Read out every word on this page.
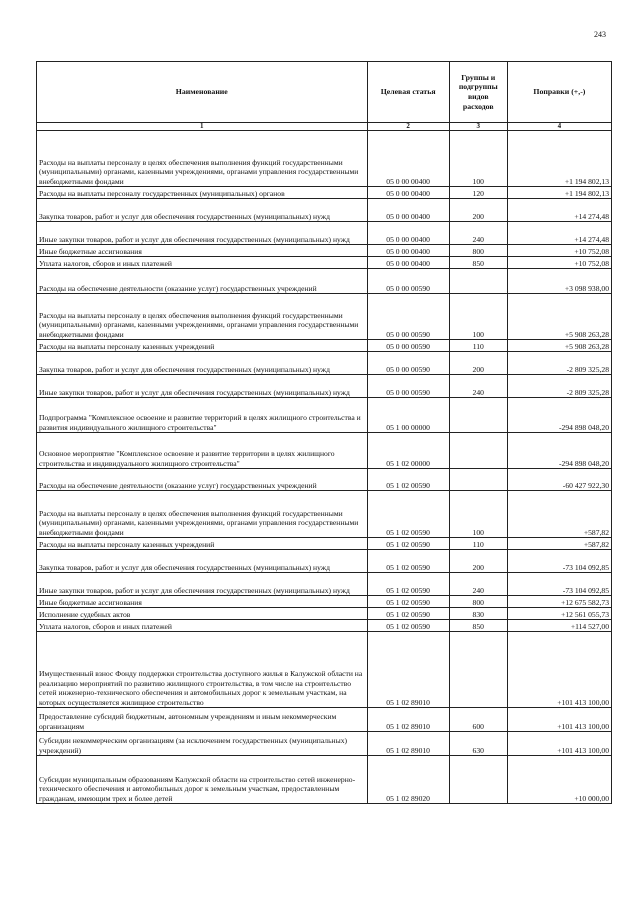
243
Наименование	Целевая статья	Группы и подгруппы видов расходов	Поправки (+,-)
1	2	3	4
Расходы на выплаты персоналу в целях обеспечения выполнения функций государственными (муниципальными) органами, казенными учреждениями, органами управления государственными внебюджетными фондами	05 0 00 00400	100	+1 194 802,13
Расходы на выплаты персоналу государственных (муниципальных) органов	05 0 00 00400	120	+1 194 802,13
Закупка товаров, работ и услуг для обеспечения государственных (муниципальных) нужд	05 0 00 00400	200	+14 274,48
Иные закупки товаров, работ и услуг для обеспечения государственных (муниципальных) нужд	05 0 00 00400	240	+14 274,48
Иные бюджетные ассигнования	05 0 00 00400	800	+10 752,08
Уплата налогов, сборов и иных платежей	05 0 00 00400	850	+10 752,08
Расходы на обеспечение деятельности (оказание услуг) государственных учреждений	05 0 00 00590		+3 098 938,00
Расходы на выплаты персоналу в целях обеспечения выполнения функций государственными (муниципальными) органами, казенными учреждениями, органами управления государственными внебюджетными фондами	05 0 00 00590	100	+5 908 263,28
Расходы на выплаты персоналу казенных учреждений	05 0 00 00590	110	+5 908 263,28
Закупка товаров, работ и услуг для обеспечения государственных (муниципальных) нужд	05 0 00 00590	200	-2 809 325,28
Иные закупки товаров, работ и услуг для обеспечения государственных (муниципальных) нужд	05 0 00 00590	240	-2 809 325,28
Подпрограмма "Комплексное освоение и развитие территорий в целях жилищного строительства и развития индивидуального жилищного строительства"	05 1 00 00000		-294 898 048,20
Основное мероприятие "Комплексное освоение и развитие территории в целях жилищного строительства и индивидуального жилищного строительства"	05 1 02 00000		-294 898 048,20
Расходы на обеспечение деятельности (оказание услуг) государственных учреждений	05 1 02 00590		-60 427 922,30
Расходы на выплаты персоналу в целях обеспечения выполнения функций государственными (муниципальными) органами, казенными учреждениями, органами управления государственными внебюджетными фондами	05 1 02 00590	100	+587,82
Расходы на выплаты персоналу казенных учреждений	05 1 02 00590	110	+587,82
Закупка товаров, работ и услуг для обеспечения государственных (муниципальных) нужд	05 1 02 00590	200	-73 104 092,85
Иные закупки товаров, работ и услуг для обеспечения государственных (муниципальных) нужд	05 1 02 00590	240	-73 104 092,85
Иные бюджетные ассигнования	05 1 02 00590	800	+12 675 582,73
Исполнение судебных актов	05 1 02 00590	830	+12 561 055,73
Уплата налогов, сборов и иных платежей	05 1 02 00590	850	+114 527,00
Имущественный взнос Фонду поддержки строительства доступного жилья в Калужской области на реализацию мероприятий по развитию жилищного строительства, в том числе на строительство сетей инженерно-технического обеспечения и автомобильных дорог к земельным участкам, на которых осуществляется жилищное строительство	05 1 02 89010		+101 413 100,00
Предоставление субсидий бюджетным, автономным учреждениям и иным некоммерческим организациям	05 1 02 89010	600	+101 413 100,00
Субсидии некоммерческим организациям (за исключением государственных (муниципальных) учреждений)	05 1 02 89010	630	+101 413 100,00
Субсидии муниципальным образованиям Калужской области на строительство сетей инженерно-технического обеспечения и автомобильных дорог к земельным участкам, предоставленным гражданам, имеющим трех и более детей	05 1 02 89020		+10 000,00
